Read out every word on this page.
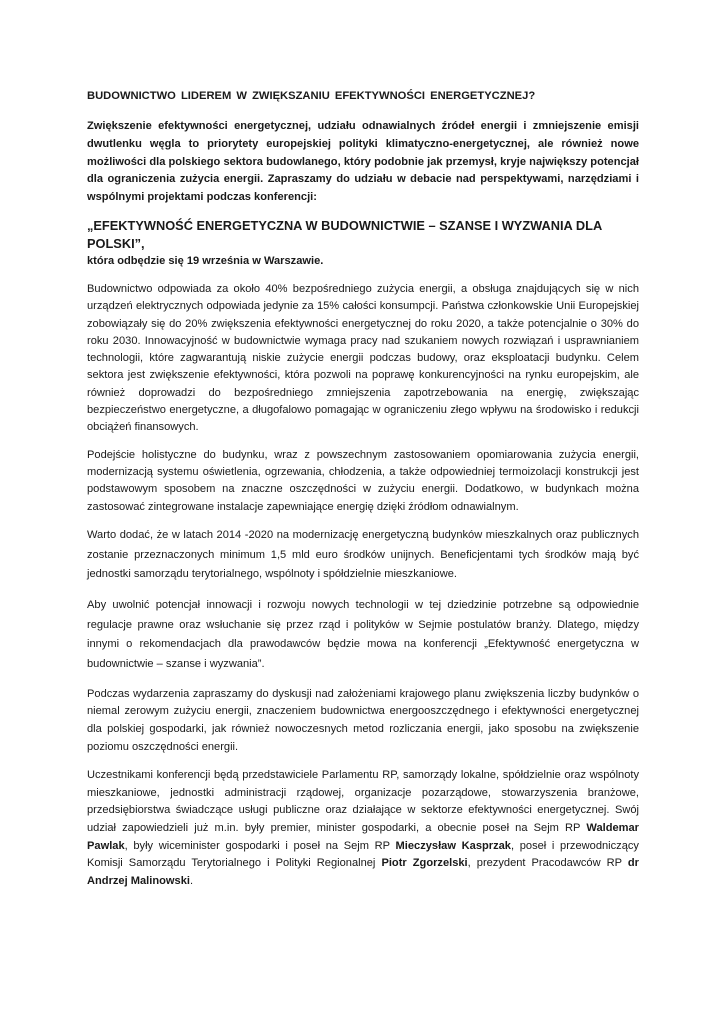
BUDOWNICTWO LIDEREM W ZWIĘKSZANIU EFEKTYWNOŚCI ENERGETYCZNEJ?

Zwiększenie efektywności energetycznej, udziału odnawialnych źródeł energii i zmniejszenie emisji dwutlenku węgla to priorytety europejskiej polityki klimatyczno-energetycznej, ale również nowe możliwości dla polskiego sektora budowlanego, który podobnie jak przemysł, kryje największy potencjał dla ograniczenia zużycia energii. Zapraszamy do udziału w debacie nad perspektywami, narzędziami i wspólnymi projektami podczas konferencji:

„EFEKTYWNOŚĆ ENERGETYCZNA W BUDOWNICTWIE – SZANSE I WYZWANIA DLA POLSKI”,
która odbędzie się 19 września w Warszawie.

Budownictwo odpowiada za około 40% bezpośredniego zużycia energii, a obsługa znajdujących się w nich urządzeń elektrycznych odpowiada jedynie za 15% całości konsumpcji. Państwa członkowskie Unii Europejskiej zobowiązały się do 20% zwiększenia efektywności energetycznej do roku 2020, a także potencjalnie o 30% do roku 2030. Innowacyjność w budownictwie wymaga pracy nad szukaniem nowych rozwiązań i usprawnianiem technologii, które zagwarantują niskie zużycie energii podczas budowy, oraz eksploatacji budynku. Celem sektora jest zwiększenie efektywności, która pozwoli na poprawę konkurencyjności na rynku europejskim, ale również doprowadzi do bezpośredniego zmniejszenia zapotrzebowania na energię, zwiększając bezpieczeństwo energetyczne, a długofalowo pomagając w ograniczeniu złego wpływu na środowisko i redukcji obciążeń finansowych.

Podejście holistyczne do budynku, wraz z powszechnym zastosowaniem opomiarowania zużycia energii, modernizacją systemu oświetlenia, ogrzewania, chłodzenia, a także odpowiedniej termoizolacji konstrukcji jest podstawowym sposobem na znaczne oszczędności w zużyciu energii. Dodatkowo, w budynkach można zastosować zintegrowane instalacje zapewniające energię dzięki źródłom odnawialnym.

Warto dodać, że w latach 2014 -2020 na modernizację energetyczną budynków mieszkalnych oraz publicznych zostanie przeznaczonych minimum 1,5 mld euro środków unijnych. Beneficjentami tych środków mają być jednostki samorządu terytorialnego, wspólnoty i spółdzielnie mieszkaniowe.

Aby uwolnić potencjał innowacji i rozwoju nowych technologii w tej dziedzinie potrzebne są odpowiednie regulacje prawne oraz wsłuchanie się przez rząd i polityków w Sejmie postulatów branży. Dlatego, między innymi o rekomendacjach dla prawodawców będzie mowa na konferencji „Efektywność energetyczna w budownictwie – szanse i wyzwania”.

Podczas wydarzenia zapraszamy do dyskusji nad założeniami krajowego planu zwiększenia liczby budynków o niemal zerowym zużyciu energii, znaczeniem budownictwa energooszczędnego i efektywności energetycznej dla polskiej gospodarki, jak również nowoczesnych metod rozliczania energii, jako sposobu na zwiększenie poziomu oszczędności energii.

Uczestnikami konferencji będą przedstawiciele Parlamentu RP, samorządy lokalne, spółdzielnie oraz wspólnoty mieszkaniowe, jednostki administracji rządowej, organizacje pozarządowe, stowarzyszenia branżowe, przedsiębiorstwa świadczące usługi publiczne oraz działające w sektorze efektywności energetycznej. Swój udział zapowiedzieli już m.in. były premier, minister gospodarki, a obecnie poseł na Sejm RP Waldemar Pawlak, były wiceminister gospodarki i poseł na Sejm RP Mieczysław Kasprzak, poseł i przewodniczący Komisji Samorządu Terytorialnego i Polityki Regionalnej Piotr Zgorzelski, prezydent Pracodawców RP dr Andrzej Malinowski.
